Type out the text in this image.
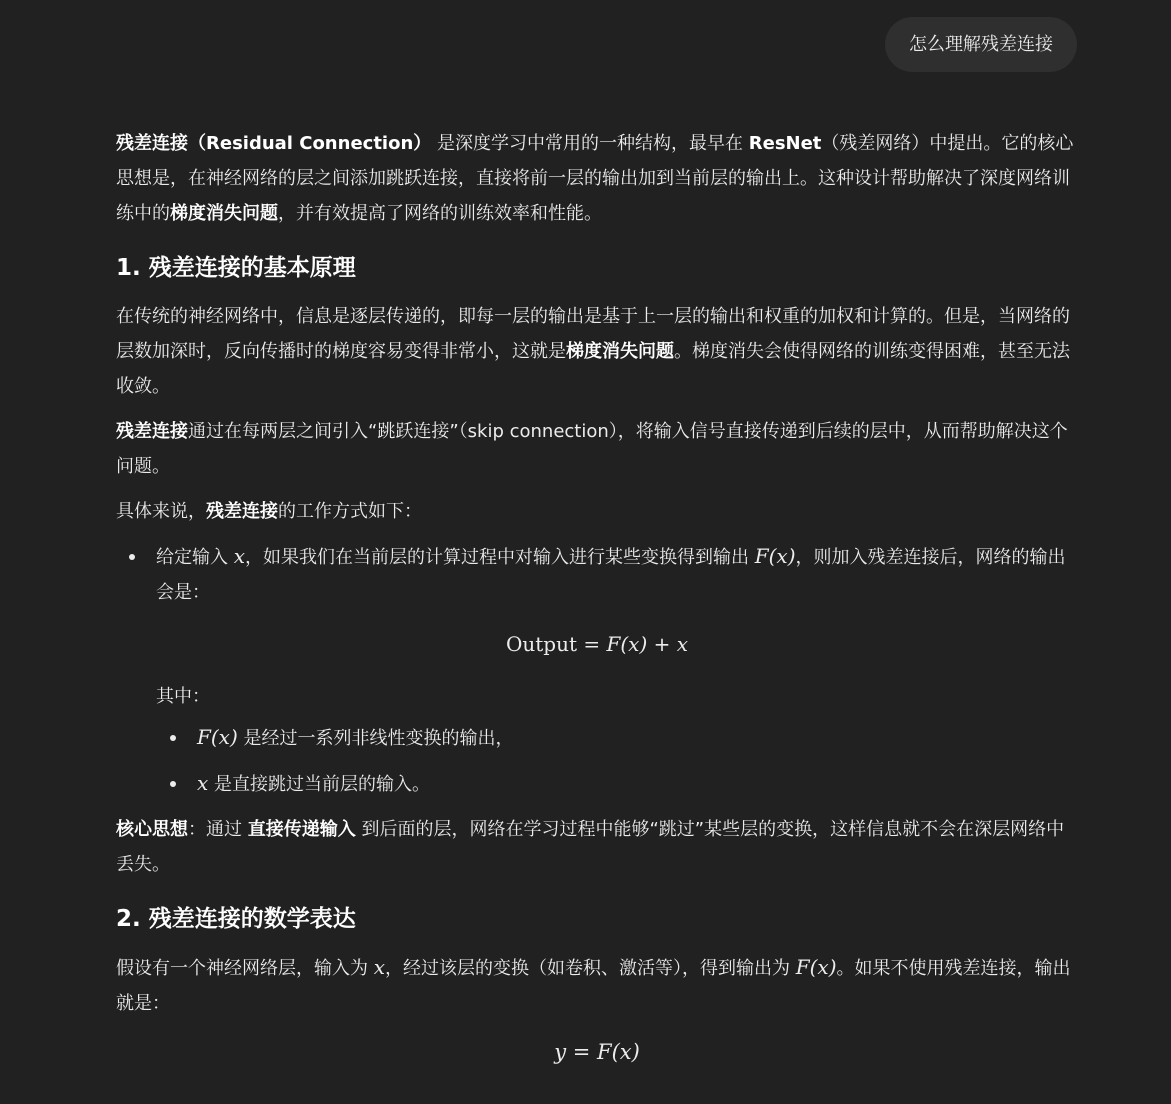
怎么理解残差连接

残差连接（Residual Connection） 是深度学习中常用的一种结构，最早在 ResNet（残差网络）中提出。它的核心思想是，在神经网络的层之间添加跳跃连接，直接将前一层的输出加到当前层的输出上。这种设计帮助解决了深度网络训练中的梯度消失问题，并有效提高了网络的训练效率和性能。

1. 残差连接的基本原理

在传统的神经网络中，信息是逐层传递的，即每一层的输出是基于上一层的输出和权重的加权和计算的。但是，当网络的层数加深时，反向传播时的梯度容易变得非常小，这就是梯度消失问题。梯度消失会使得网络的训练变得困难，甚至无法收敛。

残差连接通过在每两层之间引入“跳跃连接”（skip connection），将输入信号直接传递到后续的层中，从而帮助解决这个问题。

具体来说，残差连接的工作方式如下：

给定输入 x，如果我们在当前层的计算过程中对输入进行某些变换得到输出 F(x)，则加入残差连接后，网络的输出会是：
Output = F(x) + x

其中：

F(x) 是经过一系列非线性变换的输出，
x 是直接跳过当前层的输入。

核心思想：通过 直接传递输入 到后面的层，网络在学习过程中能够“跳过”某些层的变换，这样信息就不会在深层网络中丢失。

2. 残差连接的数学表达

假设有一个神经网络层，输入为 x，经过该层的变换（如卷积、激活等），得到输出为 F(x)。如果不使用残差连接，输出就是：

y = F(x)
